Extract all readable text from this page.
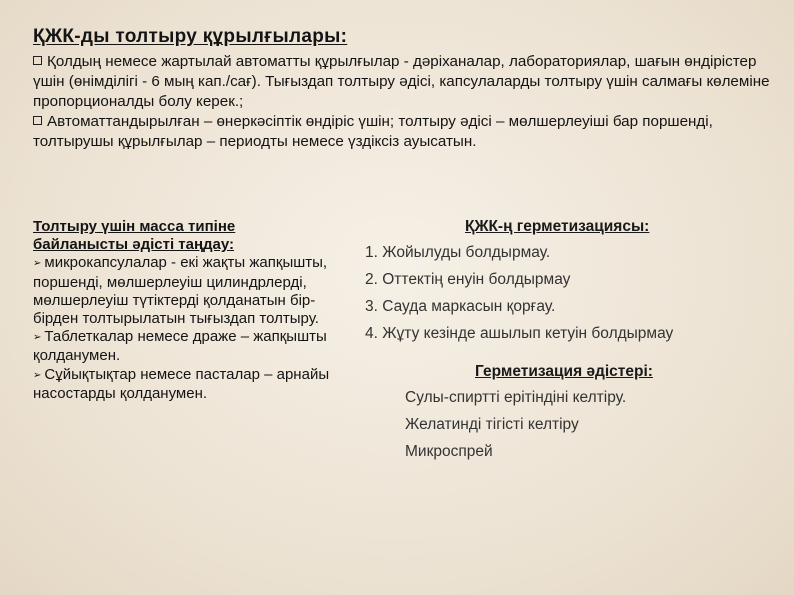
ҚЖК-ды толтыру құрылғылары:

Қолдың немесе жартылай автоматты құрылғылар - дәріханалар, лабораториялар, шағын өндірістер үшін (өнімділігі - 6 мың кап./сағ). Тығыздап толтыру әдісі, капсулаларды толтыру үшін салмағы көлеміне пропорционалды болу керек.;

Автоматтандырылған – өнеркәсіптік өндіріс үшін; толтыру әдісі – мөлшерлеуіші бар поршенді, толтырушы құрылғылар – периодты немесе үздіксіз ауысатын.

Толтыру үшін масса типіне байланысты әдісті таңдау:

➢ микрокапсулалар - екі жақты жапқышты, поршенді, мөлшерлеуіш цилиндрлерді, мөлшерлеуіш түтіктерді қолданатын бір-бірден толтырылатын тығыздап толтыру.

➢ Таблеткалар немесе драже – жапқышты қолданумен.

➢ Сұйықтықтар немесе пасталар – арнайы насостарды қолданумен.

ҚЖК-ң герметизациясы:

1. Жойылуды болдырмау.
2. Оттектің енуін болдырмау
3. Сауда маркасын қорғау.
4. Жұту кезінде ашылып кетуін болдырмау

Герметизация әдістері:

Сулы-спиртті ерітіндіні келтіру.
Желатинді тігісті келтіру
Микроспрей
